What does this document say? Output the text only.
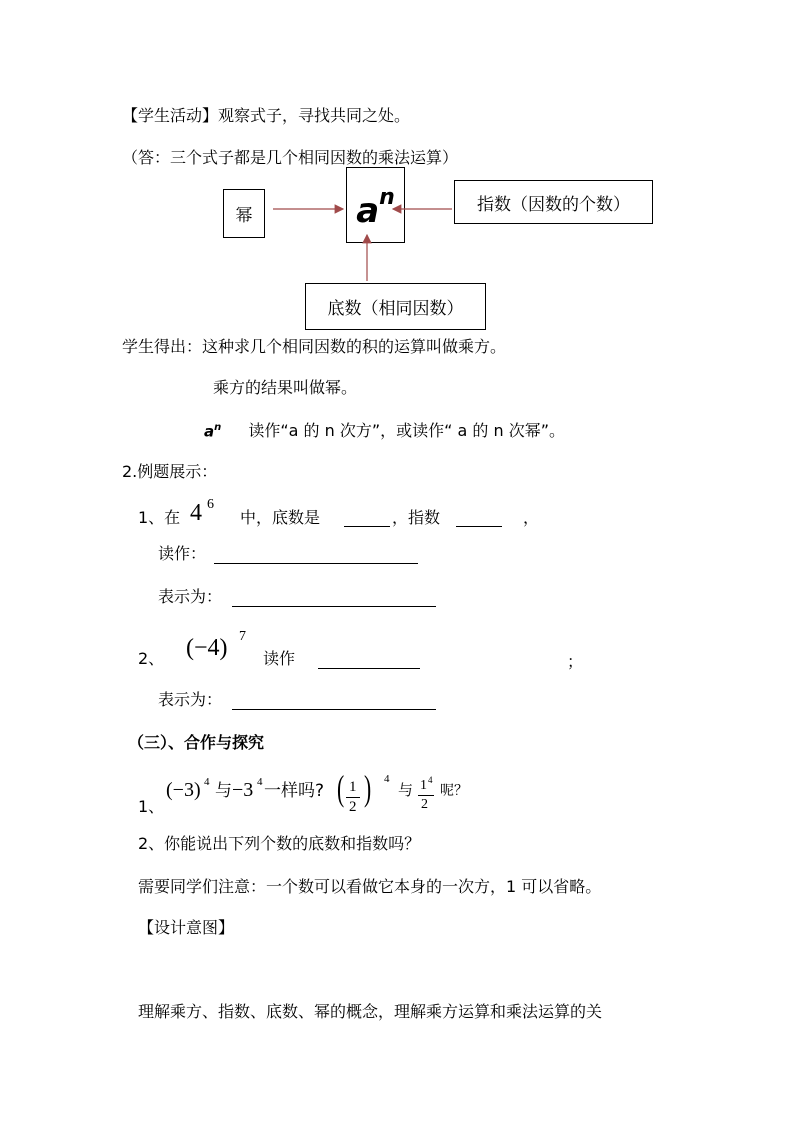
【学生活动】观察式子，寻找共同之处。
（答：三个式子都是几个相同因数的乘法运算）
幂	a n	指数（因数的个数）
底数（相同因数）
学生得出：这种求几个相同因数的积的运算叫做乘方。
乘方的结果叫做幂。
$a^n$ 读作“a 的 n 次方”，或读作“ a 的 n 次幂”。
2.例题展示：
1、在 4 6
中，底数是	，指数	，
读作：
表示为：
2、 (−4) 7
读作	；
表示为：
（三）、合作与探究
1、
(−3) 4 与 −3 4 一样吗? ( 1
2 ) 4
与 1 4
2
呢？
2、你能说出下列个数的底数和指数吗？
需要同学们注意：一个数可以看做它本身的一次方，1 可以省略。
【设计意图】
理解乘方、指数、底数、幂的概念，理解乘方运算和乘法运算的关
